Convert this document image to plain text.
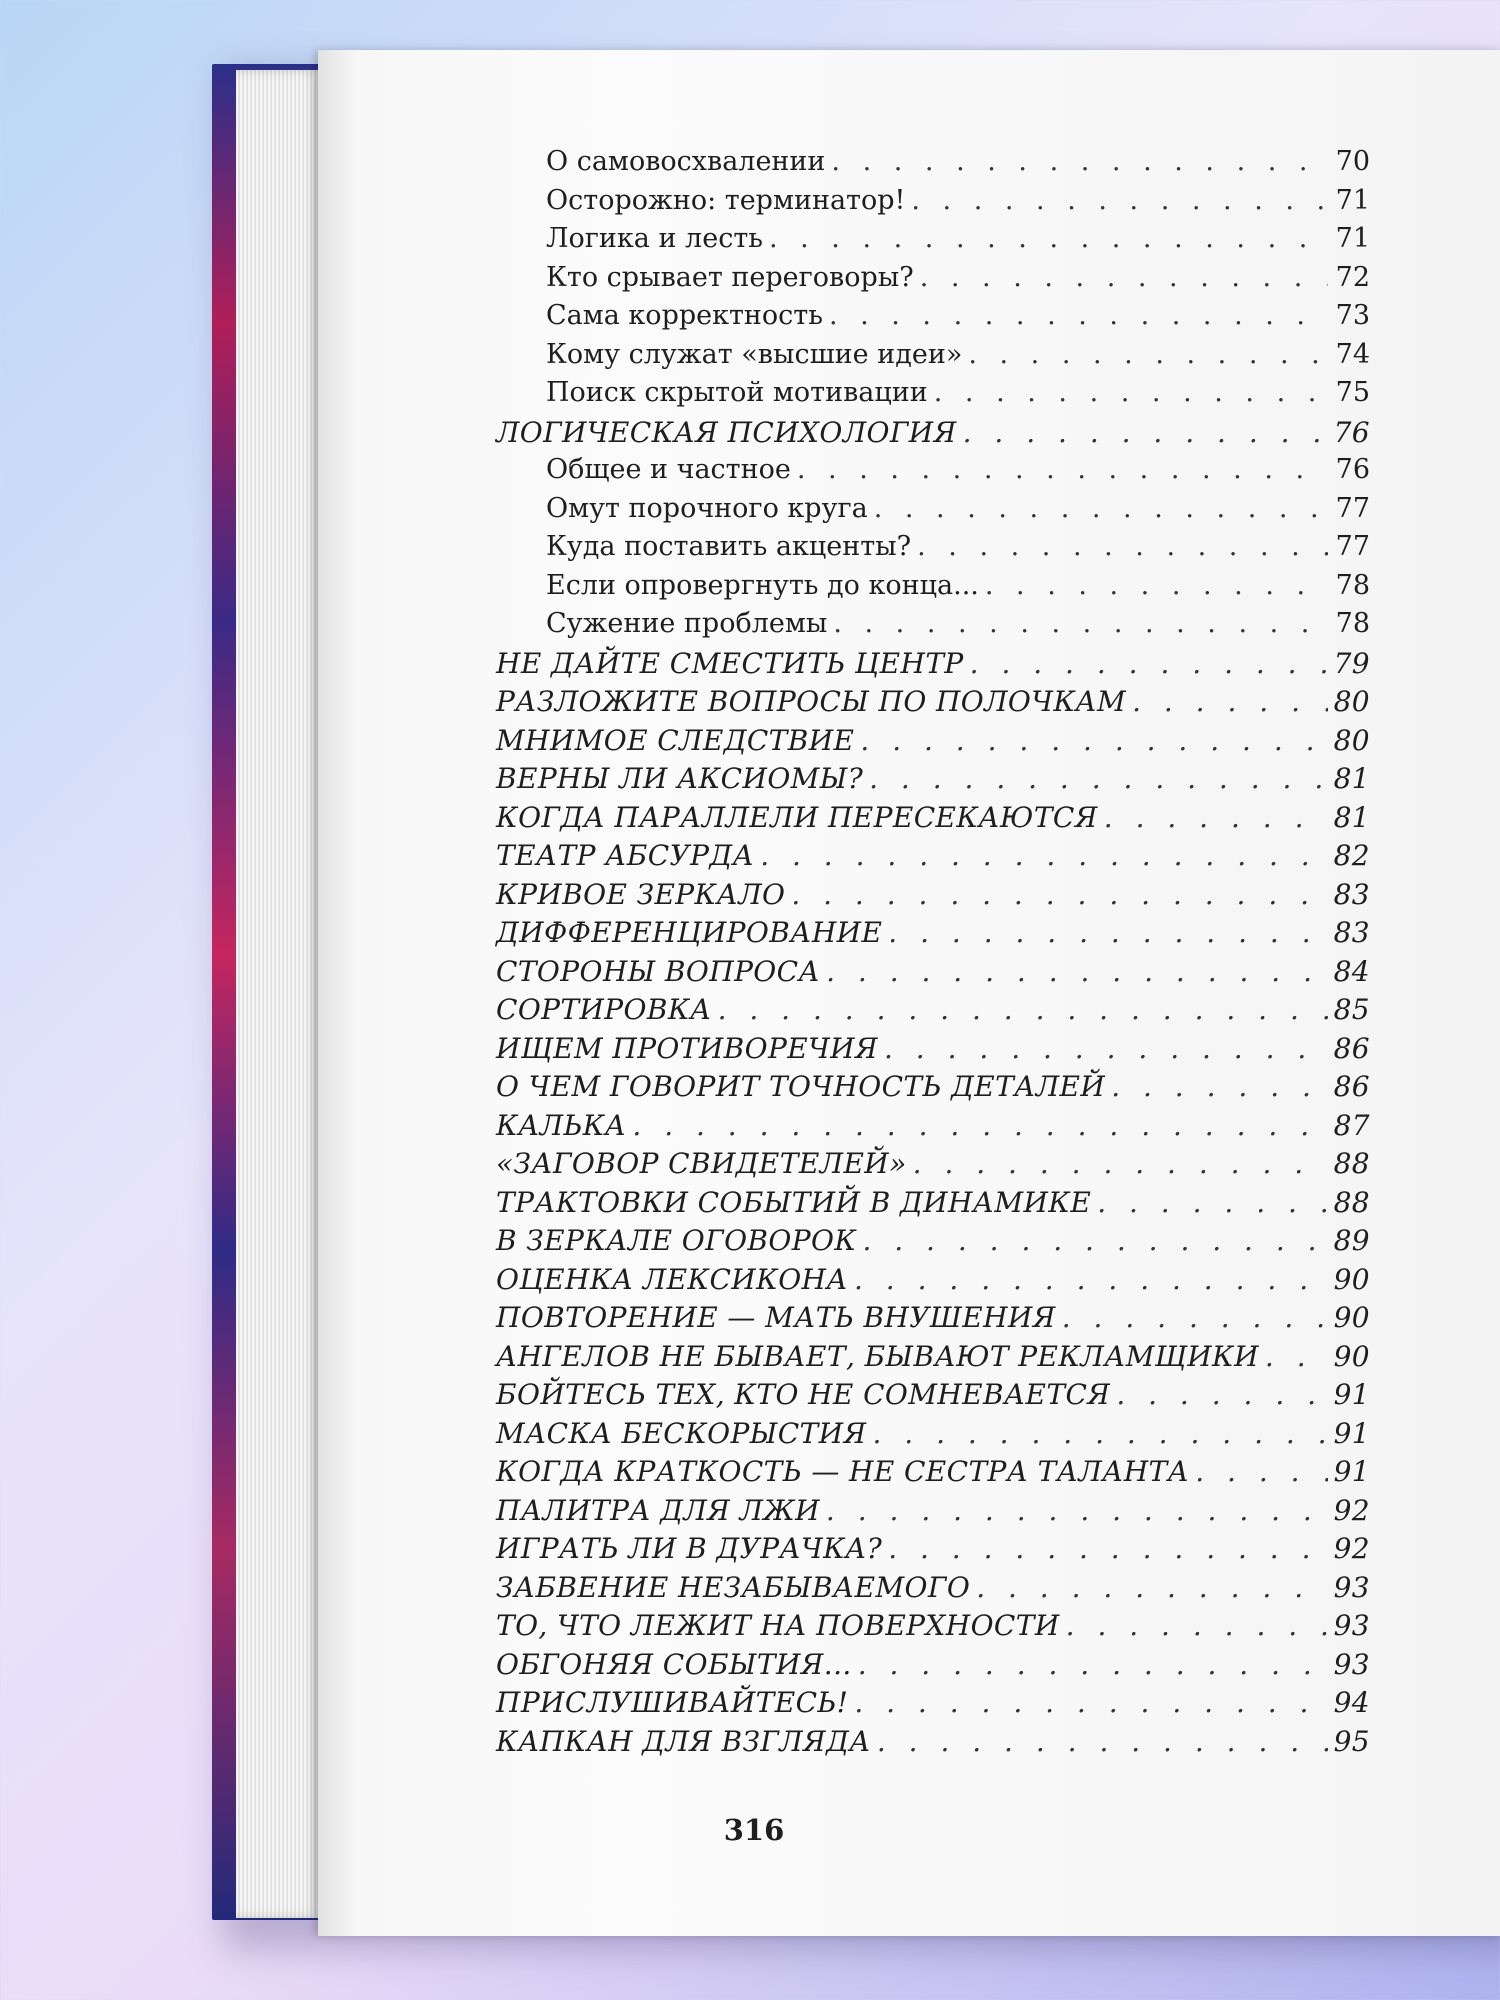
О самовосхвалении . . .	70
Осторожно: терминатор! . . .	71
Логика и лесть . . .	71
Кто срывает переговоры? . . .	72
Сама корректность . . .	73
Кому служат «высшие идеи» . . .	74
Поиск скрытой мотивации . . .	75
ЛОГИЧЕСКАЯ ПСИХОЛОГИЯ . . .	76
Общее и частное . . .	76
Омут порочного круга . . .	77
Куда поставить акценты? . . .	77
Если опровергнуть до конца... . . .	78
Сужение проблемы . . .	78
НЕ ДАЙТЕ СМЕСТИТЬ ЦЕНТР . . .	79
РАЗЛОЖИТЕ ВОПРОСЫ ПО ПОЛОЧКАМ . . .	80
МНИМОЕ СЛЕДСТВИЕ . . .	80
ВЕРНЫ ЛИ АКСИОМЫ? . . .	81
КОГДА ПАРАЛЛЕЛИ ПЕРЕСЕКАЮТСЯ . . .	81
ТЕАТР АБСУРДА . . .	82
КРИВОЕ ЗЕРКАЛО . . .	83
ДИФФЕРЕНЦИРОВАНИЕ . . .	83
СТОРОНЫ ВОПРОСА . . .	84
СОРТИРОВКА . . .	85
ИЩЕМ ПРОТИВОРЕЧИЯ . . .	86
О ЧЕМ ГОВОРИТ ТОЧНОСТЬ ДЕТАЛЕЙ . . .	86
КАЛЬКА . . .	87
«ЗАГОВОР СВИДЕТЕЛЕЙ» . . .	88
ТРАКТОВКИ СОБЫТИЙ В ДИНАМИКЕ . . .	88
В ЗЕРКАЛЕ ОГОВОРОК . . .	89
ОЦЕНКА ЛЕКСИКОНА . . .	90
ПОВТОРЕНИЕ — МАТЬ ВНУШЕНИЯ . . .	90
АНГЕЛОВ НЕ БЫВАЕТ, БЫВАЮТ РЕКЛАМЩИКИ . . .	90
БОЙТЕСЬ ТЕХ, КТО НЕ СОМНЕВАЕТСЯ . . .	91
МАСКА БЕСКОРЫСТИЯ . . .	91
КОГДА КРАТКОСТЬ — НЕ СЕСТРА ТАЛАНТА . . .	91
ПАЛИТРА ДЛЯ ЛЖИ . . .	92
ИГРАТЬ ЛИ В ДУРАЧКА? . . .	92
ЗАБВЕНИЕ НЕЗАБЫВАЕМОГО . . .	93
ТО, ЧТО ЛЕЖИТ НА ПОВЕРХНОСТИ . . .	93
ОБГОНЯЯ СОБЫТИЯ... . . .	93
ПРИСЛУШИВАЙТЕСЬ! . . .	94
КАПКАН ДЛЯ ВЗГЛЯДА . . .	95
316
